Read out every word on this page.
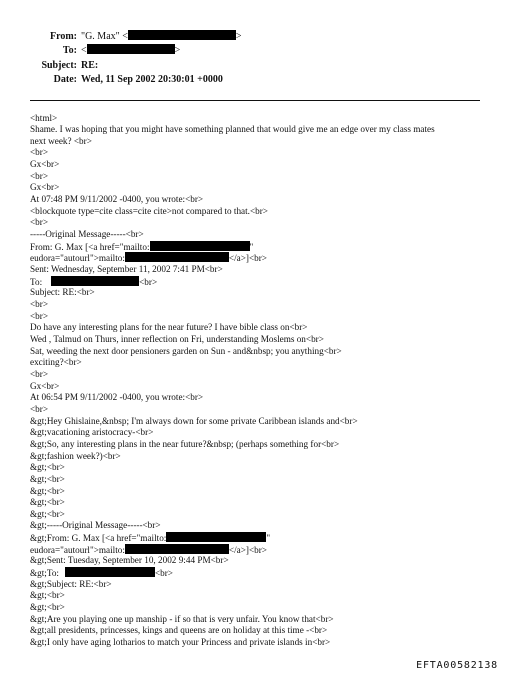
From: "G. Max" <	>
To: <	>
Subject: RE:
Date: Wed, 11 Sep 2002 20:30:01 +0000
<html>
Shame. I was hoping that you might have something planned that would give me an edge over my class mates
next week? <br>
<br>
Gx<br>
<br>
Gx<br>
At 07:48 PM 9/11/2002 -0400, you wrote:<br>
<blockquote type=cite class=cite cite>not compared to that.<br>
<br>
-----Original Message-----<br>
From: G. Max [<a href="mailto:	"
eudora="autourl">mailto:	</a>]<br>
Sent: Wednesday, September 11, 2002 7:41 PM<br>
To:	<br>
Subject: RE:<br>
<br>
<br>
Do have any interesting plans for the near future? I have bible class on<br>
Wed , Talmud on Thurs, inner reflection on Fri, understanding Moslems on<br>
Sat, weeding the next door pensioners garden on Sun - and&nbsp; you anything<br>
exciting?<br>
<br>
Gx<br>
At 06:54 PM 9/11/2002 -0400, you wrote:<br>
<br>
&gt;Hey Ghislaine,&nbsp; I'm always down for some private Caribbean islands and<br>
&gt;vacationing aristocracy-<br>
&gt;So, any interesting plans in the near future?&nbsp; (perhaps something for<br>
&gt;fashion week?)<br>
&gt;<br>
&gt;<br>
&gt;<br>
&gt;<br>
&gt;<br>
&gt;-----Original Message-----<br>
&gt;From: G. Max [<a href="mailto:	"
eudora="autourl">mailto:	</a>]<br>
&gt;Sent: Tuesday, September 10, 2002 9:44 PM<br>
&gt;To:	<br>
&gt;Subject: RE:<br>
&gt;<br>
&gt;<br>
&gt;Are you playing one up manship - if so that is very unfair. You know that<br>
&gt;all presidents, princesses, kings and queens are on holiday at this time -<br>
&gt;I only have aging lotharios to match your Princess and private islands in<br>
EFTA00582138
